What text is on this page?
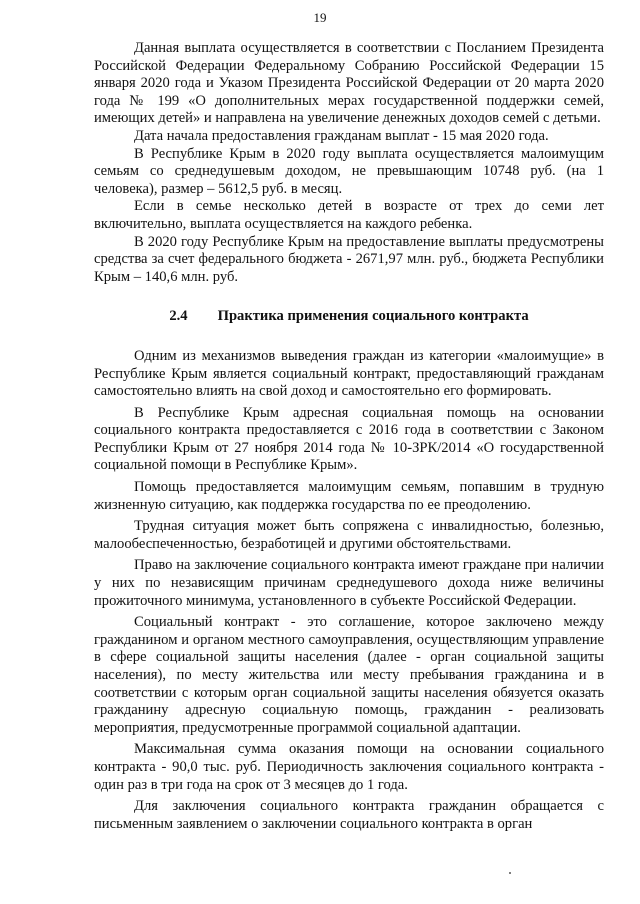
19

Данная выплата осуществляется в соответствии с Посланием Президента Российской Федерации Федеральному Собранию Российской Федерации 15 января 2020 года и Указом Президента Российской Федерации от 20 марта 2020 года № 199 «О дополнительных мерах государственной поддержки семей, имеющих детей» и направлена на увеличение денежных доходов семей с детьми.

Дата начала предоставления гражданам выплат - 15 мая 2020 года.

В Республике Крым в 2020 году выплата осуществляется малоимущим семьям со среднедушевым доходом, не превышающим 10748 руб. (на 1 человека), размер – 5612,5 руб. в месяц.

Если в семье несколько детей в возрасте от трех до семи лет включительно, выплата осуществляется на каждого ребенка.

В 2020 году Республике Крым на предоставление выплаты предусмотрены средства за счет федерального бюджета - 2671,97 млн. руб., бюджета Республики Крым – 140,6 млн. руб.

2.4 Практика применения социального контракта

Одним из механизмов выведения граждан из категории «малоимущие» в Республике Крым является социальный контракт, предоставляющий гражданам самостоятельно влиять на свой доход и самостоятельно его формировать.

В Республике Крым адресная социальная помощь на основании социального контракта предоставляется с 2016 года в соответствии с Законом Республики Крым от 27 ноября 2014 года № 10-ЗРК/2014 «О государственной социальной помощи в Республике Крым».

Помощь предоставляется малоимущим семьям, попавшим в трудную жизненную ситуацию, как поддержка государства по ее преодолению.

Трудная ситуация может быть сопряжена с инвалидностью, болезнью, малообеспеченностью, безработицей и другими обстоятельствами.

Право на заключение социального контракта имеют граждане при наличии у них по независящим причинам среднедушевого дохода ниже величины прожиточного минимума, установленного в субъекте Российской Федерации.

Социальный контракт - это соглашение, которое заключено между гражданином и органом местного самоуправления, осуществляющим управление в сфере социальной защиты населения (далее - орган социальной защиты населения), по месту жительства или месту пребывания гражданина и в соответствии с которым орган социальной защиты населения обязуется оказать гражданину адресную социальную помощь, гражданин - реализовать мероприятия, предусмотренные программой социальной адаптации.

Максимальная сумма оказания помощи на основании социального контракта - 90,0 тыс. руб. Периодичность заключения социального контракта - один раз в три года на срок от 3 месяцев до 1 года.

Для заключения социального контракта гражданин обращается с письменным заявлением о заключении социального контракта в орган
